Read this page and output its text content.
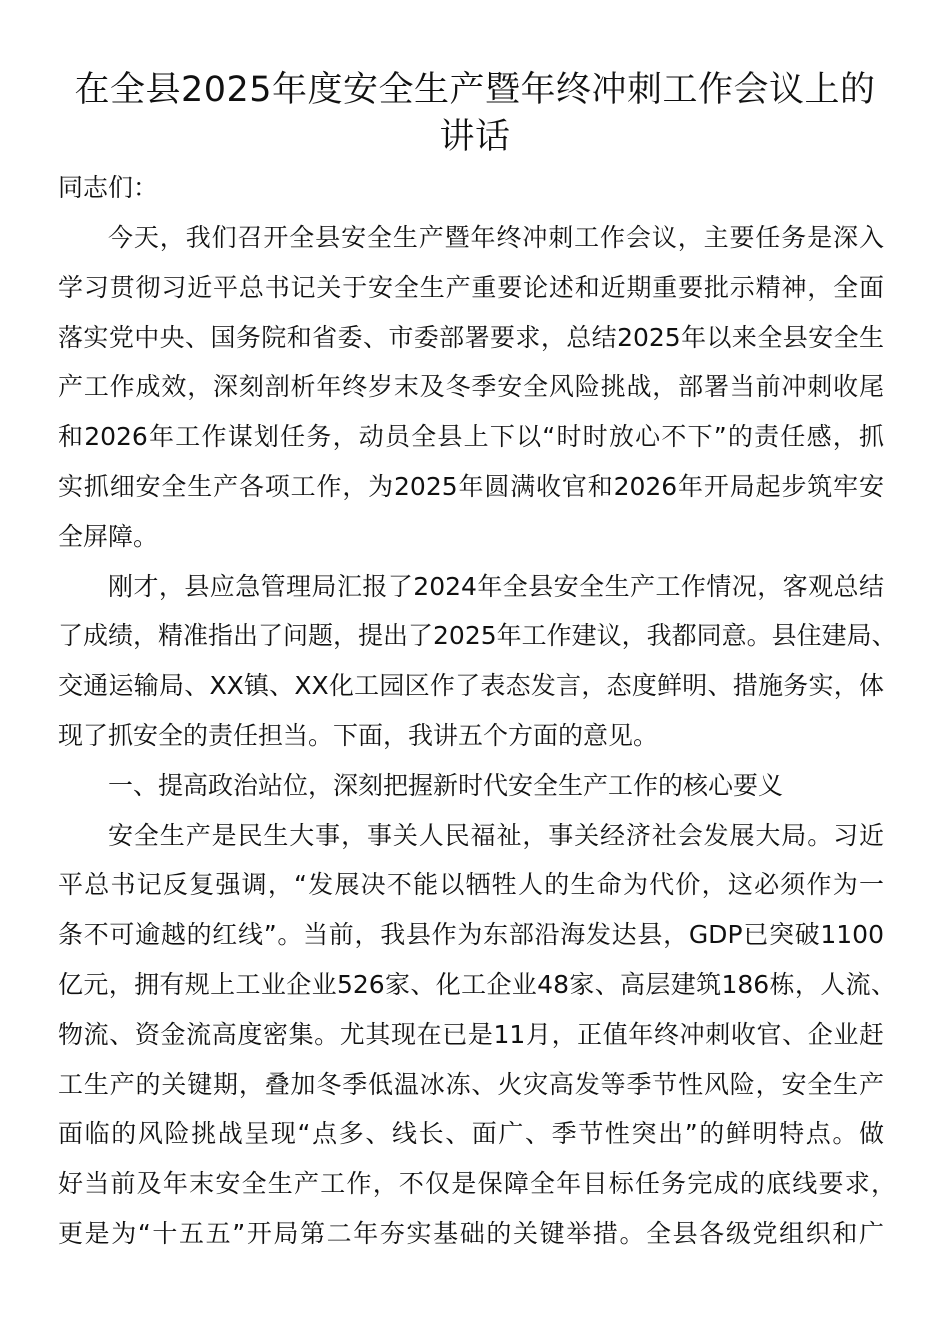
在全县2025年度安全生产暨年终冲刺工作会议上的
讲话
同志们：
今天，我们召开全县安全生产暨年终冲刺工作会议，主要任务是深入
学习贯彻习近平总书记关于安全生产重要论述和近期重要批示精神，全面
落实党中央、国务院和省委、市委部署要求，总结2025年以来全县安全生
产工作成效，深刻剖析年终岁末及冬季安全风险挑战，部署当前冲刺收尾
和2026年工作谋划任务，动员全县上下以“时时放心不下”的责任感，抓
实抓细安全生产各项工作，为2025年圆满收官和2026年开局起步筑牢安
全屏障。
刚才，县应急管理局汇报了2024年全县安全生产工作情况，客观总结
了成绩，精准指出了问题，提出了2025年工作建议，我都同意。县住建局、
交通运输局、XX镇、XX化工园区作了表态发言，态度鲜明、措施务实，体
现了抓安全的责任担当。下面，我讲五个方面的意见。
一、提高政治站位，深刻把握新时代安全生产工作的核心要义
安全生产是民生大事，事关人民福祉，事关经济社会发展大局。习近
平总书记反复强调，“发展决不能以牺牲人的生命为代价，这必须作为一
条不可逾越的红线”。当前，我县作为东部沿海发达县，GDP已突破1100
亿元，拥有规上工业企业526家、化工企业48家、高层建筑186栋，人流、
物流、资金流高度密集。尤其现在已是11月，正值年终冲刺收官、企业赶
工生产的关键期，叠加冬季低温冰冻、火灾高发等季节性风险，安全生产
面临的风险挑战呈现“点多、线长、面广、季节性突出”的鲜明特点。做
好当前及年末安全生产工作，不仅是保障全年目标任务完成的底线要求，
更是为“十五五”开局第二年夯实基础的关键举措。全县各级党组织和广
